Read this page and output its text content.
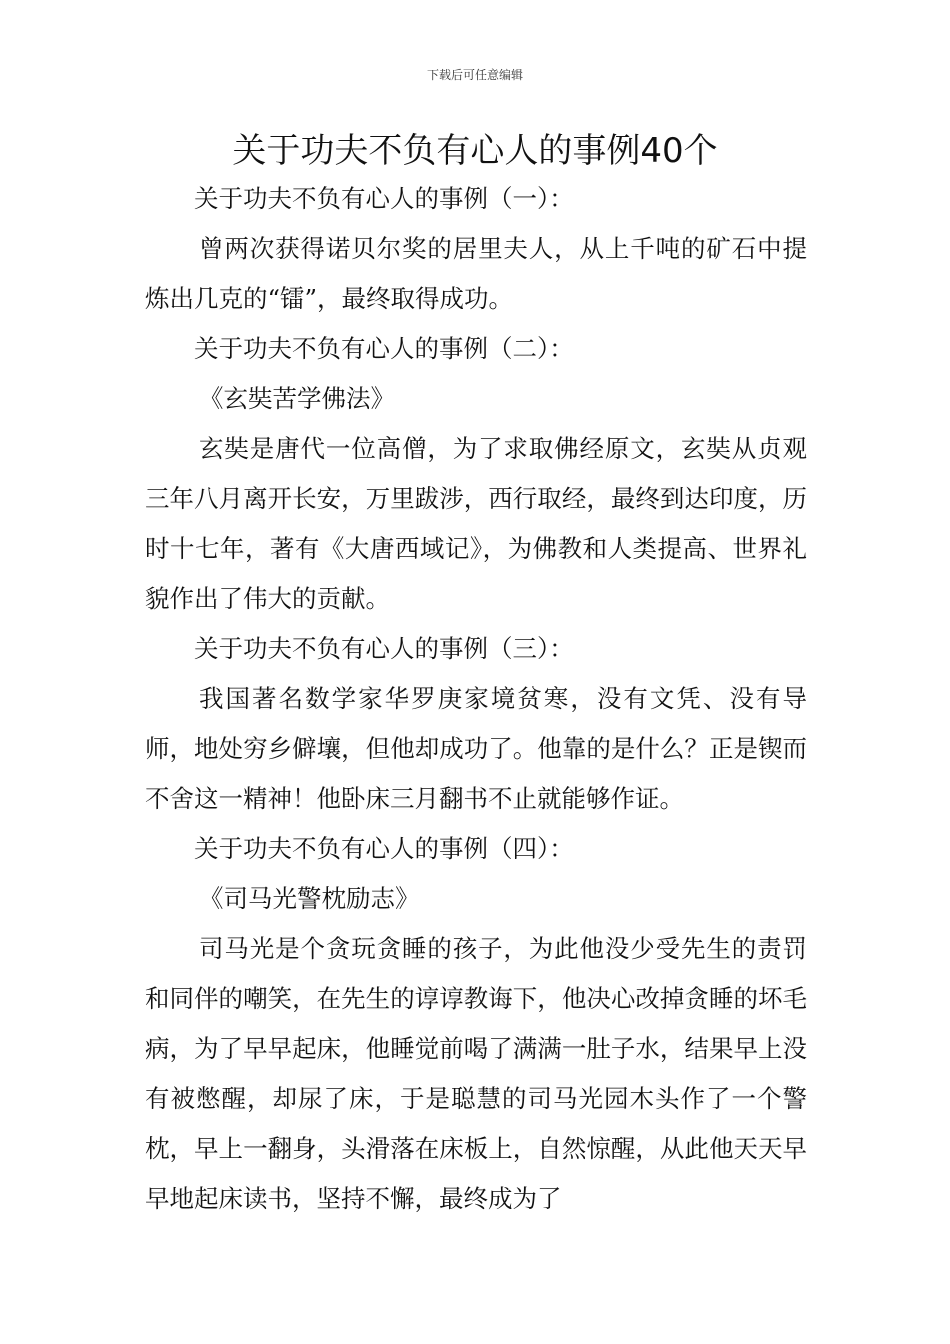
下载后可任意编辑
关于功夫不负有心人的事例40个

关于功夫不负有心人的事例（一）：

曾两次获得诺贝尔奖的居里夫人，从上千吨的矿石中提炼出几克的“镭”，最终取得成功。

关于功夫不负有心人的事例（二）：

《玄奘苦学佛法》

玄奘是唐代一位高僧，为了求取佛经原文，玄奘从贞观三年八月离开长安，万里跋涉，西行取经，最终到达印度，历时十七年，著有《大唐西域记》，为佛教和人类提高、世界礼貌作出了伟大的贡献。

关于功夫不负有心人的事例（三）：

我国著名数学家华罗庚家境贫寒，没有文凭、没有导师，地处穷乡僻壤，但他却成功了。他靠的是什么？正是锲而不舍这一精神！他卧床三月翻书不止就能够作证。

关于功夫不负有心人的事例（四）：

《司马光警枕励志》

司马光是个贪玩贪睡的孩子，为此他没少受先生的责罚和同伴的嘲笑，在先生的谆谆教诲下，他决心改掉贪睡的坏毛病，为了早早起床，他睡觉前喝了满满一肚子水，结果早上没有被憋醒，却尿了床，于是聪慧的司马光园木头作了一个警枕，早上一翻身，头滑落在床板上，自然惊醒，从此他天天早早地起床读书，坚持不懈，最终成为了
